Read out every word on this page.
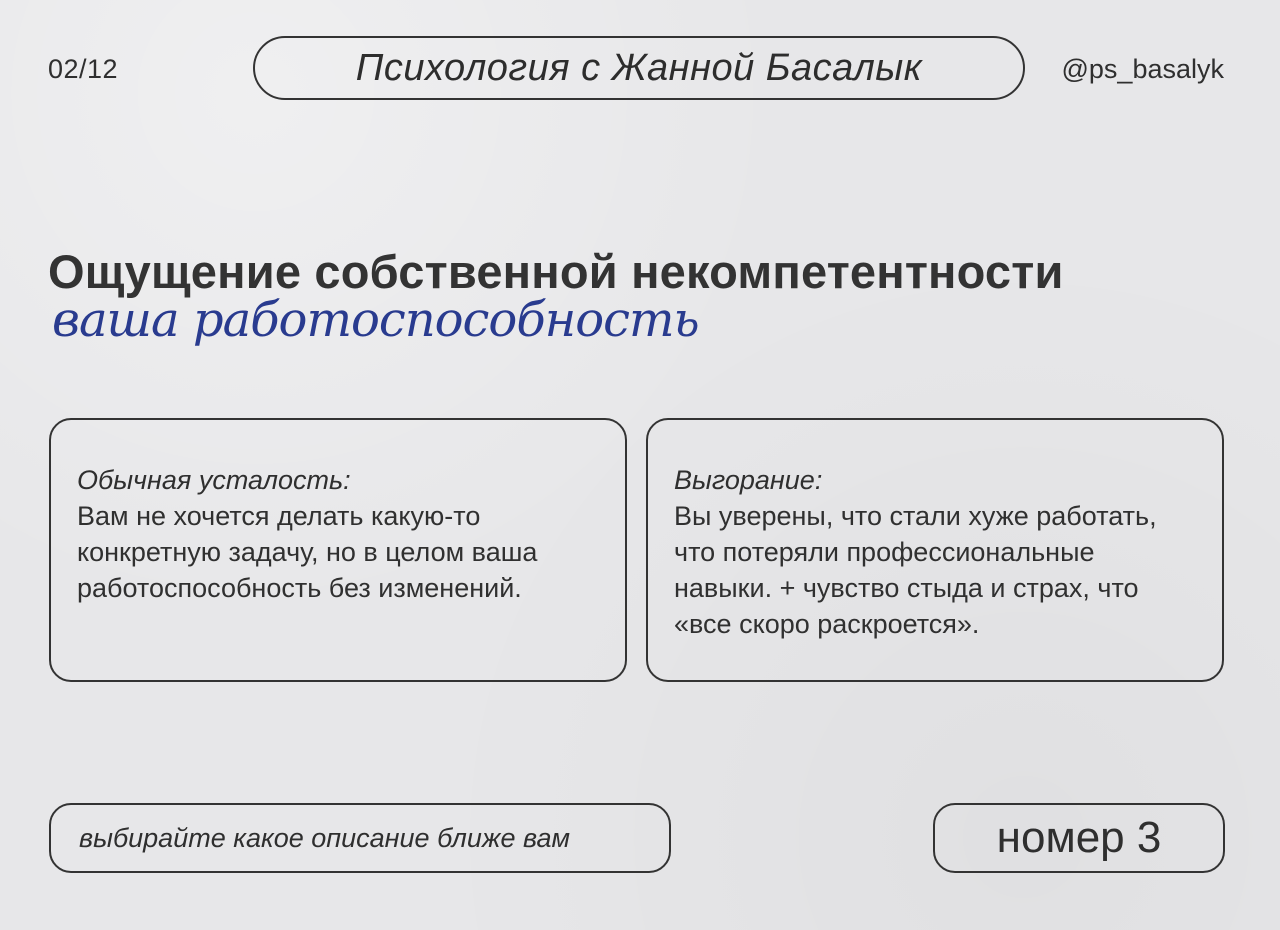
02/12	Психология с Жанной Басалык	@ps_basalyk
Ощущение собственной некомпетентности
ваша работоспособность
Обычная усталость:
Вам не хочется делать какую-то
конкретную задачу, но в целом ваша
работоспособность без изменений.
Выгорание:
Вы уверены, что стали хуже работать,
что потеряли профессиональные
навыки. + чувство стыда и страх, что
«все скоро раскроется».
выбирайте какое описание ближе вам	номер 3
